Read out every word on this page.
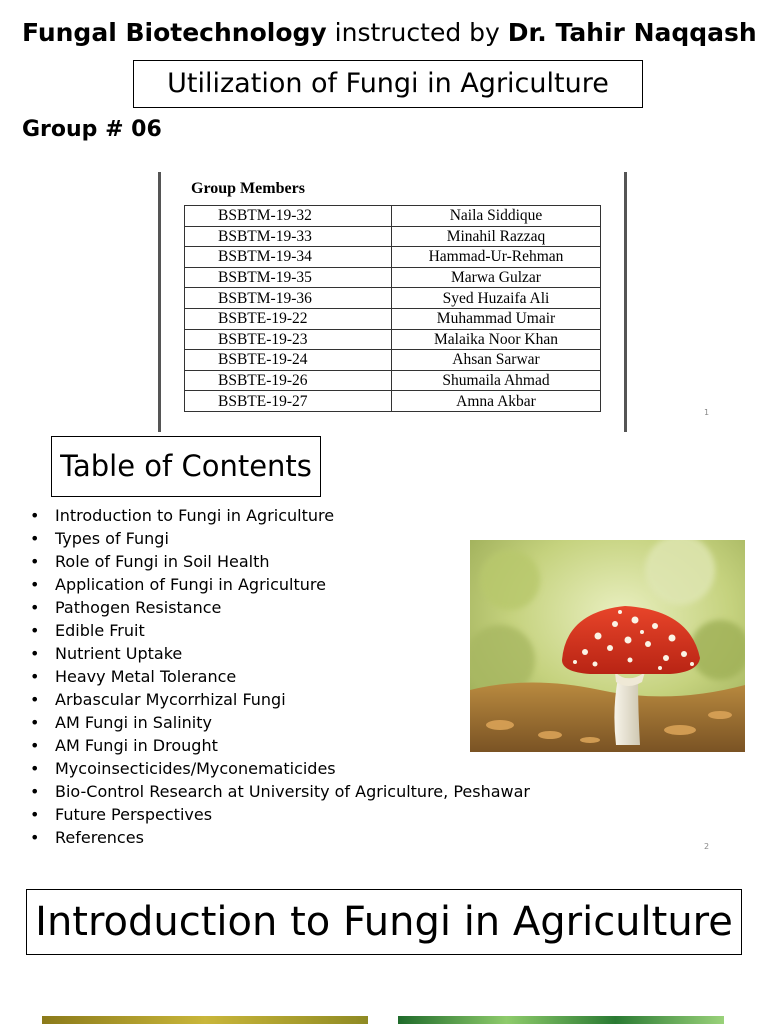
Fungal Biotechnology instructed by Dr. Tahir Naqqash
Utilization of Fungi in Agriculture
Group # 06
Group Members
BSBTM-19-32	Naila Siddique
BSBTM-19-33	Minahil Razzaq
BSBTM-19-34	Hammad-Ur-Rehman
BSBTM-19-35	Marwa Gulzar
BSBTM-19-36	Syed Huzaifa Ali
BSBTE-19-22	Muhammad Umair
BSBTE-19-23	Malaika Noor Khan
BSBTE-19-24	Ahsan Sarwar
BSBTE-19-26	Shumaila Ahmad
BSBTE-19-27	Amna Akbar
1
Table of Contents
• Introduction to Fungi in Agriculture
• Types of Fungi
• Role of Fungi in Soil Health
• Application of Fungi in Agriculture
• Pathogen Resistance
• Edible Fruit
• Nutrient Uptake
• Heavy Metal Tolerance
• Arbascular Mycorrhizal Fungi
• AM Fungi in Salinity
• AM Fungi in Drought
• Mycoinsecticides/Myconematicides
• Bio-Control Research at University of Agriculture, Peshawar
• Future Perspectives
• References	2
Introduction to Fungi in Agriculture
